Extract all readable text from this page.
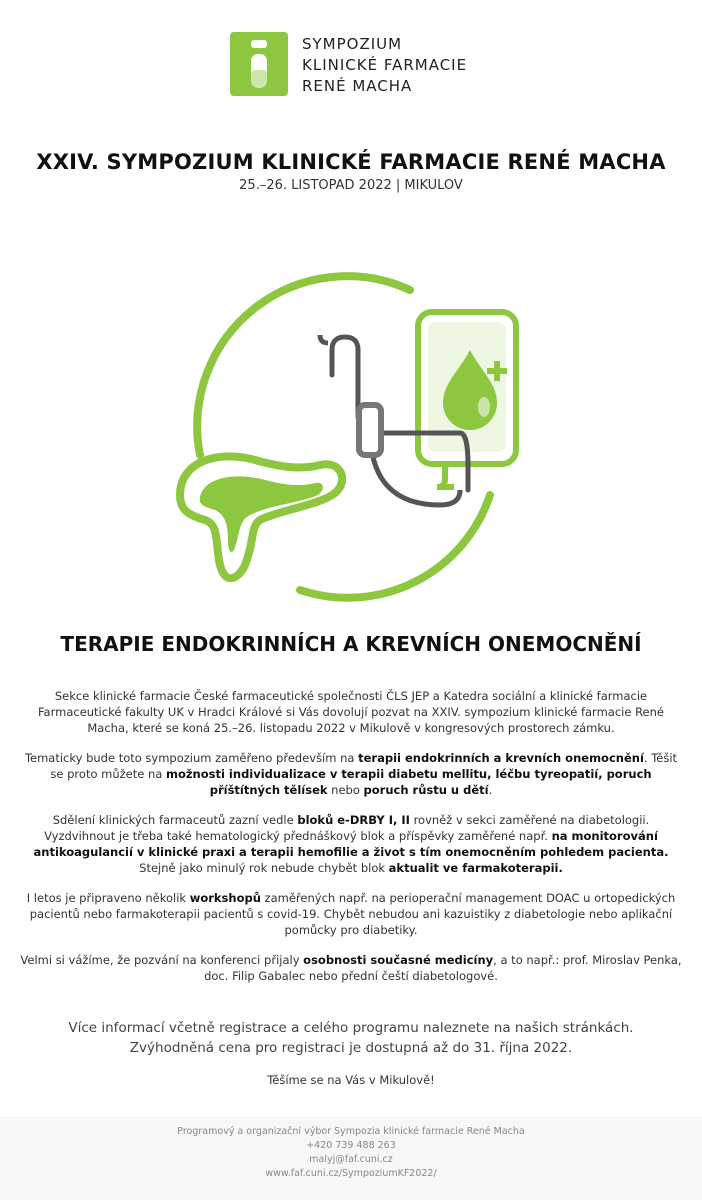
SYMPOZIUM
KLINICKÉ FARMACIE
RENÉ MACHA
XXIV. SYMPOZIUM KLINICKÉ FARMACIE RENÉ MACHA
25.–26. LISTOPAD 2022 | MIKULOV
TERAPIE ENDOKRINNÍCH A KREVNÍCH ONEMOCNĚNÍ

Sekce klinické farmacie České farmaceutické společnosti ČLS JEP a Katedra sociální a klinické farmacie Farmaceutické fakulty UK v Hradci Králové si Vás dovolují pozvat na XXIV. sympozium klinické farmacie René Macha, které se koná 25.–26. listopadu 2022 v Mikulově v kongresových prostorech zámku.

Tematicky bude toto sympozium zaměřeno především na terapii endokrinních a krevních onemocnění. Těšit se proto můžete na možnosti individualizace v terapii diabetu mellitu, léčbu tyreopatií, poruch příštítných tělísek nebo poruch růstu u dětí.

Sdělení klinických farmaceutů zazní vedle bloků e-DRBY I, II rovněž v sekci zaměřené na diabetologii. Vyzdvihnout je třeba také hematologický přednáškový blok a příspěvky zaměřené např. na monitorování antikoagulancií v klinické praxi a terapii hemofilie a život s tím onemocněním pohledem pacienta. Stejně jako minulý rok nebude chybět blok aktualit ve farmakoterapii.

I letos je připraveno několik workshopů zaměřených např. na perioperační management DOAC u ortopedických pacientů nebo farmakoterapii pacientů s covid-19. Chybět nebudou ani kazuistiky z diabetologie nebo aplikační pomůcky pro diabetiky.

Velmi si vážíme, že pozvání na konferenci přijaly osobnosti současné medicíny, a to např.: prof. Miroslav Penka, doc. Filip Gabalec nebo přední čeští diabetologové.

Více informací včetně registrace a celého programu naleznete na našich stránkách.
Zvýhodněná cena pro registraci je dostupná až do 31. října 2022.
Těšíme se na Vás v Mikulově!
Programový a organizační výbor Sympozia klinické farmacie René Macha
+420 739 488 263
malyj@faf.cuni.cz
www.faf.cuni.cz/SympoziumKF2022/
